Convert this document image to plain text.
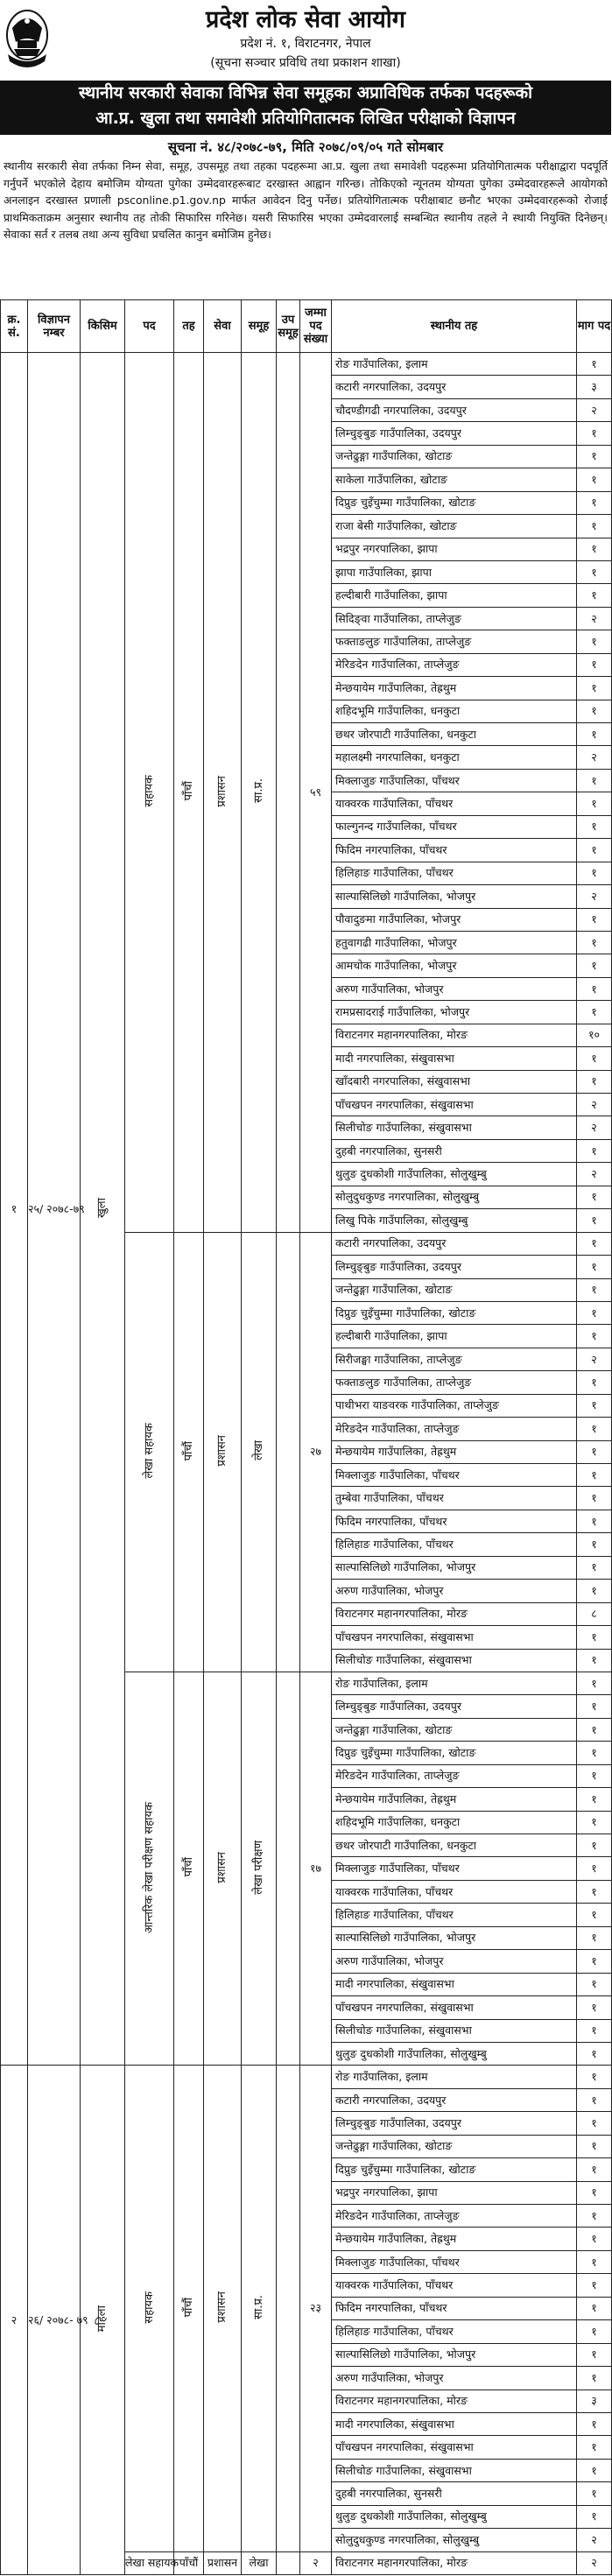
प्रदेश लोक सेवा आयोग
प्रदेश नं. १, विराटनगर, नेपाल
(सूचना सञ्चार प्रविधि तथा प्रकाशन शाखा)
स्थानीय सरकारी सेवाका विभिन्न सेवा समूहका अप्राविधिक तर्फका पदहरूको
आ.प्र. खुला तथा समावेशी प्रतियोगितात्मक लिखित परीक्षाको विज्ञापन
सूचना नं. ४८/२०७८-७९, मिति २०७८/०९/०५ गते सोमबार

स्थानीय सरकारी सेवा तर्फका निम्न सेवा, समूह, उपसमूह तथा तहका पदहरूमा आ.प्र. खुला तथा समावेशी पदहरूमा प्रतियोगितात्मक परीक्षाद्वारा पदपूर्ति गर्नुपर्ने भएकोले देहाय बमोजिम योग्यता पुगेका उम्मेदवारहरूबाट दरखास्त आह्वान गरिन्छ। तोकिएको न्यूनतम योग्यता पुगेका उम्मेदवारहरूले आयोगको अनलाइन दरखास्त प्रणाली psconline.p1.gov.np मार्फत आवेदन दिनु पर्नेछ। प्रतियोगितात्मक परीक्षाबाट छनौट भएका उम्मेदवारहरूको रोजाई प्राथमिकताक्रम अनुसार स्थानीय तह तोकी सिफारिस गरिनेछ। यसरी सिफारिस भएका उम्मेदवारलाई सम्बन्धित स्थानीय तहले ने स्थायी नियुक्ति दिनेछन्। सेवाका सर्त र तलब तथा अन्य सुविधा प्रचलित कानुन बमोजिम हुनेछ।

क्र. सं.	विज्ञापन नम्बर	किसिम	पद	तह	सेवा	समूह	उप समूह	जम्मा पद संख्या	स्थानीय तह	माग पद
१	२५/ २०७८-७९	खुला	सहायक	पाँचौं	प्रशासन	सा.प्र.		५९	रोङ गाउँपालिका, इलाम	१
									कटारी नगरपालिका, उदयपुर	३
									चौदण्डीगढी नगरपालिका, उदयपुर	२
									लिम्चुङ्बुङ गाउँपालिका, उदयपुर	१
									जन्तेढुङ्गा गाउँपालिका, खोटाङ	१
									साकेला गाउँपालिका, खोटाङ	१
									दिप्रुङ चुइँचुम्मा गाउँपालिका, खोटाङ	१
									राजा बेसी गाउँपालिका, खोटाङ	१
									भद्रपुर नगरपालिका, झापा	१
									झापा गाउँपालिका, झापा	१
									हल्दीबारी गाउँपालिका, झापा	१
									सिदिङ्वा गाउँपालिका, ताप्लेजुङ	२
									फक्ताङलुङ गाउँपालिका, ताप्लेजुङ	१
									मेरिङदेन गाउँपालिका, ताप्लेजुङ	१
									मेन्छयायेम गाउँपालिका, तेह्रथुम	१
									शहिदभूमि गाउँपालिका, धनकुटा	१
									छथर जोरपाटी गाउँपालिका, धनकुटा	१
									महालक्ष्मी नगरपालिका, धनकुटा	२
									मिक्लाजुङ गाउँपालिका, पाँचथर	१
									याक्वरक गाउँपालिका, पाँचथर	१
									फाल्गुनन्द गाउँपालिका, पाँचथर	१
									फिदिम नगरपालिका, पाँचथर	१
									हिलिहाङ गाउँपालिका, पाँचथर	१
									साल्पासिलिछो गाउँपालिका, भोजपुर	२
									पौवादुङमा गाउँपालिका, भोजपुर	१
									हतुवागढी गाउँपालिका, भोजपुर	१
									आमचोक गाउँपालिका, भोजपुर	१
									अरुण गाउँपालिका, भोजपुर	१
									रामप्रसादराई गाउँपालिका, भोजपुर	१
									विराटनगर महानगरपालिका, मोरङ	१०
									मादी नगरपालिका, संखुवासभा	१
									खाँदबारी नगरपालिका, संखुवासभा	१
									पाँचखपन नगरपालिका, संखुवासभा	२
									सिलीचोङ गाउँपालिका, संखुवासभा	२
									दुहबी नगरपालिका, सुनसरी	१
									थुलुङ दुधकोशी गाउँपालिका, सोलुखुम्बु	२
									सोलुदुधकुण्ड नगरपालिका, सोलुखुम्बु	१
									लिखु पिके गाउँपालिका, सोलुखुम्बु	१
			लेखा सहायक	पाँचौं	प्रशासन	लेखा		२७	कटारी नगरपालिका, उदयपुर	१
									लिम्चुङ्बुङ गाउँपालिका, उदयपुर	१
									जन्तेढुङ्गा गाउँपालिका, खोटाङ	१
									दिप्रुङ चुइँचुम्मा गाउँपालिका, खोटाङ	१
									हल्दीबारी गाउँपालिका, झापा	१
									सिरीजङ्घा गाउँपालिका, ताप्लेजुङ	२
									फक्ताङलुङ गाउँपालिका, ताप्लेजुङ	१
									पाथीभरा याङवरक गाउँपालिका, ताप्लेजुङ	१
									मेरिङदेन गाउँपालिका, ताप्लेजुङ	१
									मेन्छयायेम गाउँपालिका, तेह्रथुम	१
									मिक्लाजुङ गाउँपालिका, पाँचथर	१
									तुम्बेवा गाउँपालिका, पाँचथर	१
									फिदिम नगरपालिका, पाँचथर	१
									हिलिहाङ गाउँपालिका, पाँचथर	१
									साल्पासिलिछो गाउँपालिका, भोजपुर	१
									अरुण गाउँपालिका, भोजपुर	१
									विराटनगर महानगरपालिका, मोरङ	८
									पाँचखपन नगरपालिका, संखुवासभा	१
									सिलीचोङ गाउँपालिका, संखुवासभा	१
			आन्तरिक लेखा परीक्षण सहायक	पाँचौं	प्रशासन	लेखा परीक्षण		१७	रोङ गाउँपालिका, इलाम	१
									लिम्चुङ्बुङ गाउँपालिका, उदयपुर	१
									जन्तेढुङ्गा गाउँपालिका, खोटाङ	१
									दिप्रुङ चुइँचुम्मा गाउँपालिका, खोटाङ	१
									मेरिङदेन गाउँपालिका, ताप्लेजुङ	१
									मेन्छयायेम गाउँपालिका, तेह्रथुम	१
									शहिदभूमि गाउँपालिका, धनकुटा	१
									छथर जोरपाटी गाउँपालिका, धनकुटा	१
									मिक्लाजुङ गाउँपालिका, पाँचथर	१
									याक्वरक गाउँपालिका, पाँचथर	१
									हिलिहाङ गाउँपालिका, पाँचथर	१
									साल्पासिलिछो गाउँपालिका, भोजपुर	१
									अरुण गाउँपालिका, भोजपुर	१
									मादी नगरपालिका, संखुवासभा	१
									पाँचखपन नगरपालिका, संखुवासभा	१
									सिलीचोङ गाउँपालिका, संखुवासभा	१
									थुलुङ दुधकोशी गाउँपालिका, सोलुखुम्बु	१
२	२६/ २०७८- ७९	महिला	सहायक	पाँचौं	प्रशासन	सा.प्र.		२३	रोङ गाउँपालिका, इलाम	१
									कटारी नगरपालिका, उदयपुर	१
									लिम्चुङ्बुङ गाउँपालिका, उदयपुर	१
									जन्तेढुङ्गा गाउँपालिका, खोटाङ	१
									दिप्रुङ चुइँचुम्मा गाउँपालिका, खोटाङ	१
									भद्रपुर नगरपालिका, झापा	१
									मेरिङदेन गाउँपालिका, ताप्लेजुङ	१
									मेन्छयायेम गाउँपालिका, तेह्रथुम	१
									मिक्लाजुङ गाउँपालिका, पाँचथर	१
									याक्वरक गाउँपालिका, पाँचथर	१
									फिदिम नगरपालिका, पाँचथर	१
									हिलिहाङ गाउँपालिका, पाँचथर	१
									साल्पासिलिछो गाउँपालिका, भोजपुर	१
									अरुण गाउँपालिका, भोजपुर	१
									विराटनगर महानगरपालिका, मोरङ	३
									मादी नगरपालिका, संखुवासभा	१
									पाँचखपन नगरपालिका, संखुवासभा	१
									सिलीचोङ गाउँपालिका, संखुवासभा	१
									दुहबी नगरपालिका, सुनसरी	१
									थुलुङ दुधकोशी गाउँपालिका, सोलुखुम्बु	१
									सोलुदुधकुण्ड नगरपालिका, सोलुखुम्बु	२
			लेखा सहायक	पाँचौं	प्रशासन	लेखा		२	विराटनगर महानगरपालिका, मोरङ	२
